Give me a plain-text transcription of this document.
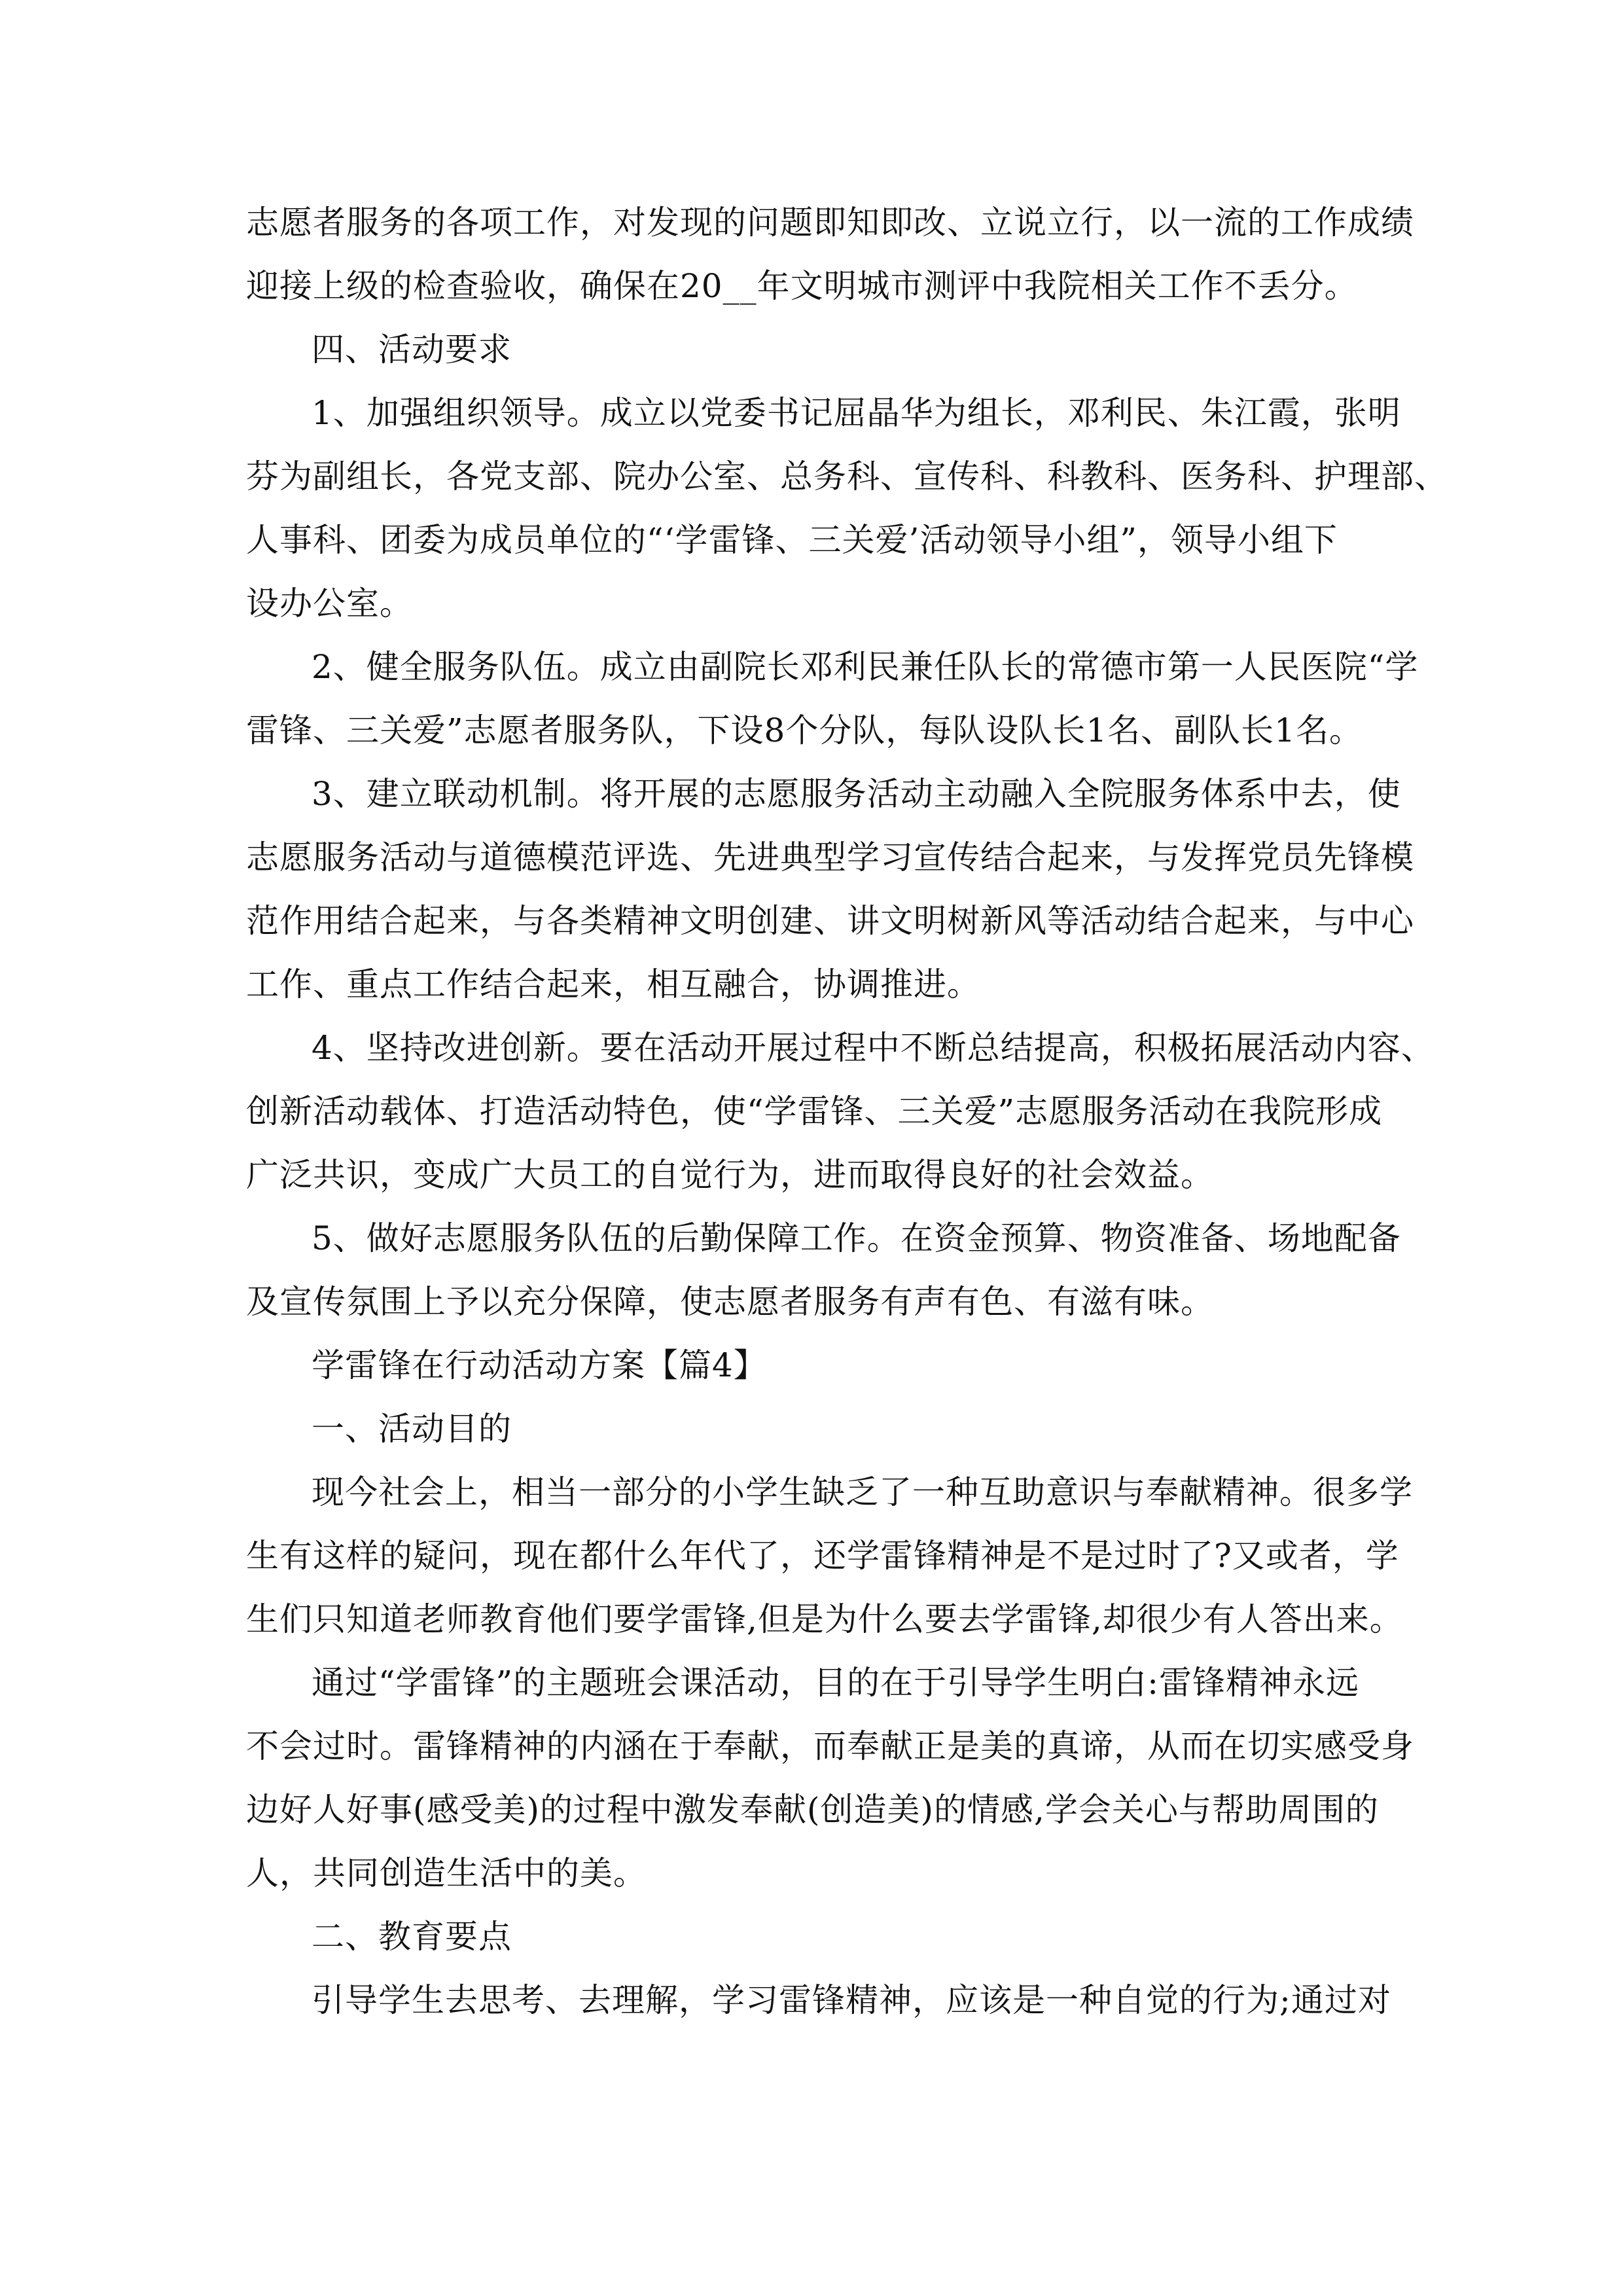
志愿者服务的各项工作，对发现的问题即知即改、立说立行，以一流的工作成绩
迎接上级的检查验收，确保在20__年文明城市测评中我院相关工作不丢分。
四、活动要求
1、加强组织领导。成立以党委书记屈晶华为组长，邓利民、朱江霞，张明
芬为副组长，各党支部、院办公室、总务科、宣传科、科教科、医务科、护理部、
人事科、团委为成员单位的“‘学雷锋、三关爱’活动领导小组”，领导小组下
设办公室。
2、健全服务队伍。成立由副院长邓利民兼任队长的常德市第一人民医院“学
雷锋、三关爱”志愿者服务队，下设8个分队，每队设队长1名、副队长1名。
3、建立联动机制。将开展的志愿服务活动主动融入全院服务体系中去，使
志愿服务活动与道德模范评选、先进典型学习宣传结合起来，与发挥党员先锋模
范作用结合起来，与各类精神文明创建、讲文明树新风等活动结合起来，与中心
工作、重点工作结合起来，相互融合，协调推进。
4、坚持改进创新。要在活动开展过程中不断总结提高，积极拓展活动内容、
创新活动载体、打造活动特色，使“学雷锋、三关爱”志愿服务活动在我院形成
广泛共识，变成广大员工的自觉行为，进而取得良好的社会效益。
5、做好志愿服务队伍的后勤保障工作。在资金预算、物资准备、场地配备
及宣传氛围上予以充分保障，使志愿者服务有声有色、有滋有味。
学雷锋在行动活动方案【篇4】
一、活动目的
现今社会上，相当一部分的小学生缺乏了一种互助意识与奉献精神。很多学
生有这样的疑问，现在都什么年代了，还学雷锋精神是不是过时了?又或者，学
生们只知道老师教育他们要学雷锋,但是为什么要去学雷锋,却很少有人答出来。
通过“学雷锋”的主题班会课活动，目的在于引导学生明白:雷锋精神永远
不会过时。雷锋精神的内涵在于奉献，而奉献正是美的真谛，从而在切实感受身
边好人好事(感受美)的过程中激发奉献(创造美)的情感,学会关心与帮助周围的
人，共同创造生活中的美。
二、教育要点
引导学生去思考、去理解，学习雷锋精神，应该是一种自觉的行为;通过对
